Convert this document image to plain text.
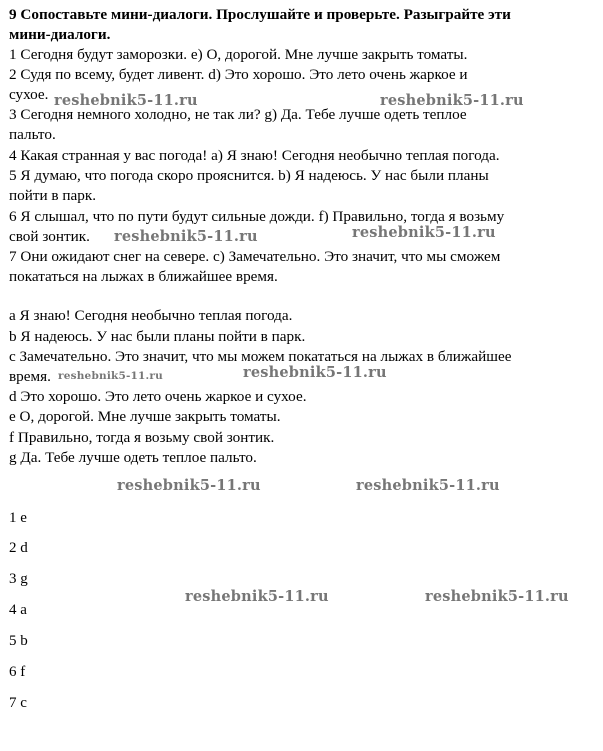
9 Сопоставьте мини-диалоги. Прослушайте и проверьте. Разыграйте эти
мини-диалоги.
1 Сегодня будут заморозки. e) О, дорогой. Мне лучше закрыть томаты.
2 Судя по всему, будет ливент. d) Это хорошо. Это лето очень жаркое и
сухое.
3 Сегодня немного холодно, не так ли? g) Да. Тебе лучше одеть теплое
пальто.
4 Какая странная у вас погода! a) Я знаю! Сегодня необычно теплая погода.
5 Я думаю, что погода скоро прояснится. b) Я надеюсь. У нас были планы
пойти в парк.
6 Я слышал, что по пути будут сильные дожди. f) Правильно, тогда я возьму
свой зонтик.
7 Они ожидают снег на севере. c) Замечательно. Это значит, что мы сможем
покататься на лыжах в ближайшее время.
a Я знаю! Сегодня необычно теплая погода.
b Я надеюсь. У нас были планы пойти в парк.
c Замечательно. Это значит, что мы можем покататься на лыжах в ближайшее
время.
d Это хорошо. Это лето очень жаркое и сухое.
e О, дорогой. Мне лучше закрыть томаты.
f Правильно, тогда я возьму свой зонтик.
g Да. Тебе лучше одеть теплое пальто.
1 e
2 d
3 g
4 a
5 b
6 f
7 c
reshebnik5-11.ru	reshebnik5-11.ru
reshebnik5-11.ru	reshebnik5-11.ru
reshebnik5-11.ru	reshebnik5-11.ru
reshebnik5-11.ru	reshebnik5-11.ru
reshebnik5-11.ru	reshebnik5-11.ru
